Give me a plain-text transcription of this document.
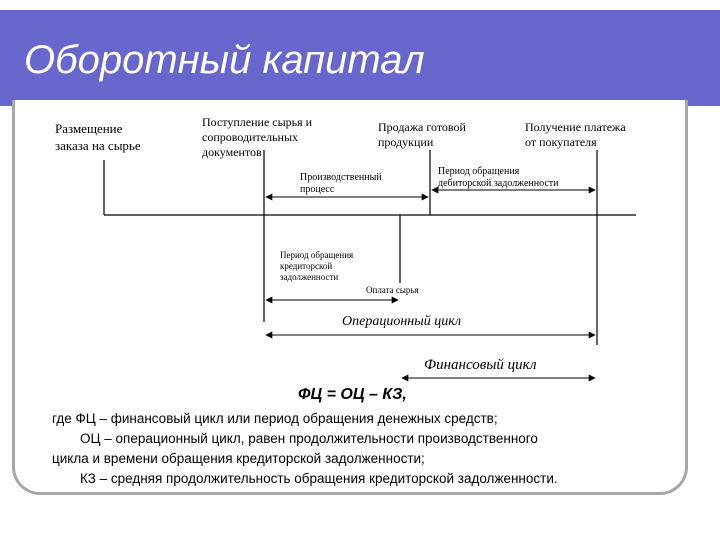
Оборотный капитал
Размещение
заказа на сырье
Поступление сырья и
сопроводительных
документов
Продажа готовой
продукции
Получение платежа
от покупателя
Производственный
процесс
Период обращения
дебиторской задолженности
Период обращения
кредиторской
задолженности
Оплата сырья
Операционный цикл
Финансовый цикл
ФЦ = ОЦ – КЗ,
где ФЦ – финансовый цикл или период обращения денежных средств;
ОЦ – операционный цикл, равен продолжительности производственного
цикла и времени обращения кредиторской задолженности;
КЗ – средняя продолжительность обращения кредиторской задолженности.
